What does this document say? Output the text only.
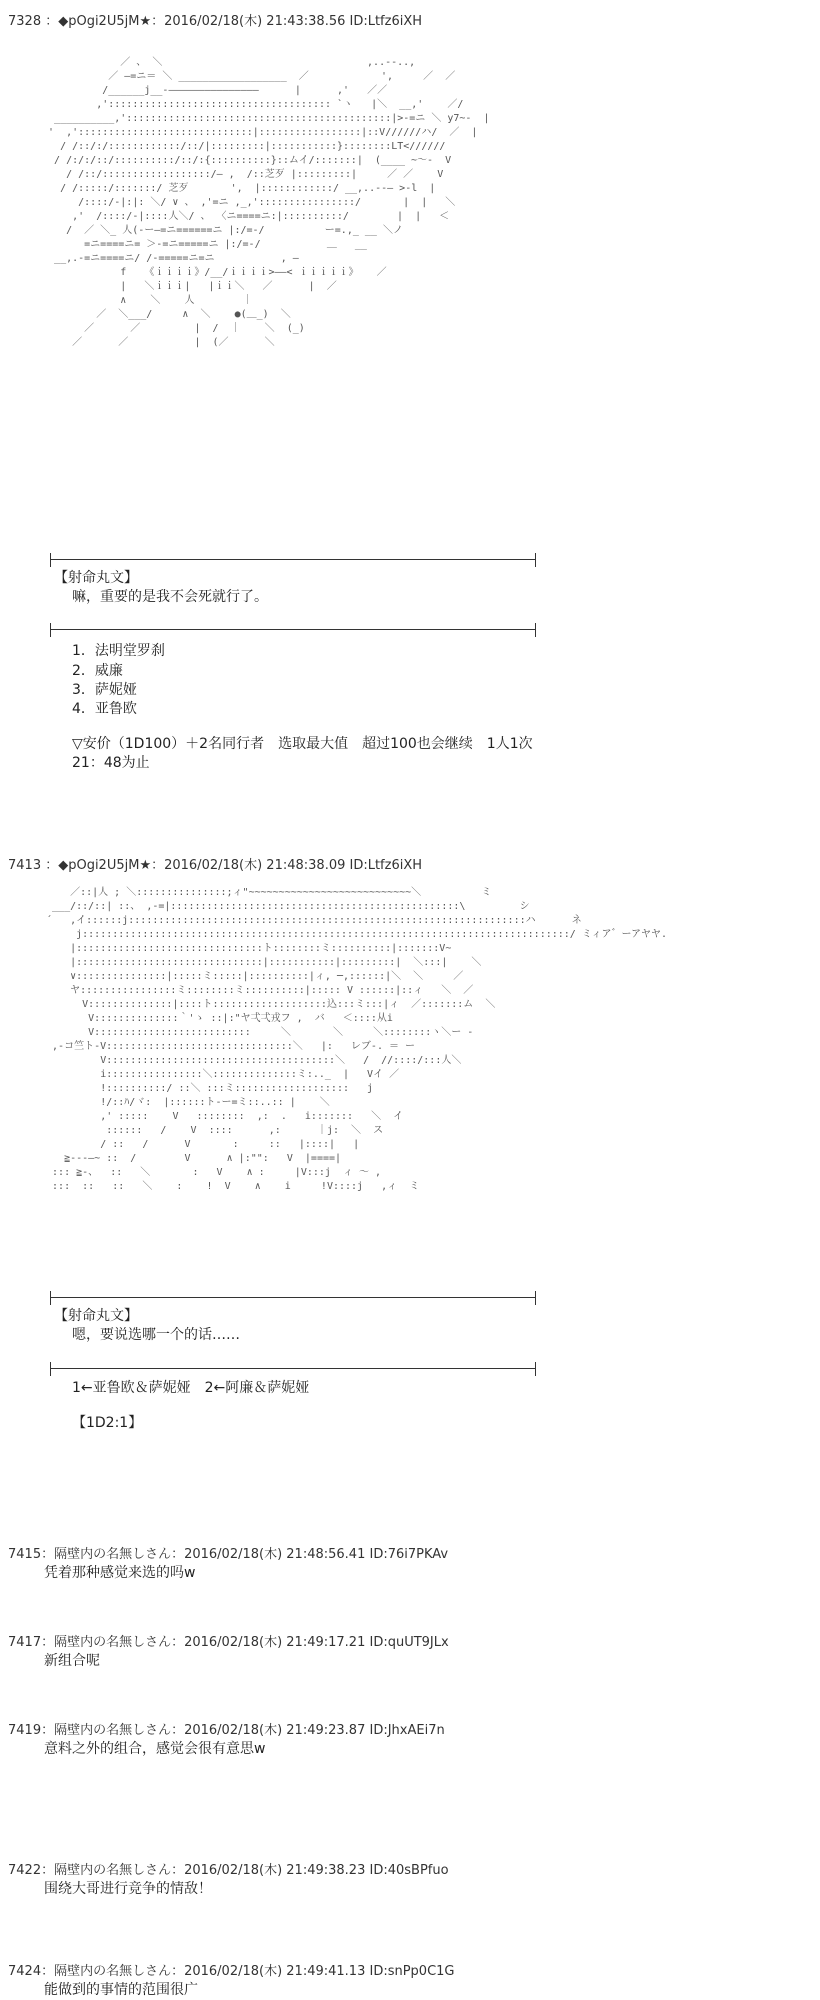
7328 ：◆pOgi2U5jM★：2016/02/18(木) 21:43:38.56 ID:Ltfz6iXH
／ 、 ＼                                  ,..--..,
／ ―=ニ＝ ＼ __________________  ／            ',     ／  ／
/______j__-―――――――――――――――      |      ,'   ／／
,'::::::::::::::::::::::::::::::::::::: `ヽ   |＼  __,'    ／/
__________,'::::::::::::::::::::::::::::::::::::::::::::|>-=ニ ＼ y7~-  |
'  ,':::::::::::::::::::::::::::::|:::::::::::::::::|::V//////ハ/  ／  |
/ /::/:/::::::::::::/::/|:::::::::|:::::::::::}::::::::LT<//////
/ /:/:/::/::::::::::/::/:{::::::::::}::ムイ/:::::::|  (____ ~～-  V
/ /::/::::::::::::::::::/― ,  /::芝歹 |:::::::::|     ／ ／    V
/ /:::::/:::::::/ 芝歹       ',  |::::::::::::/ __,..--― >-l  |
/::::/-|:|: ＼/ ∨ 、 ,'=ニ ,_,'::::::::::::::::/       |  |   ＼
,'  /::::/-|::::人＼/ 、 〈ニ====ニ:|::::::::::/        |  |   ＜
/  ／ ＼_ 人(-ー―=ニ======ニ |:/=-/          ー=.,_ __ ＼ノ
=ニ====ニ= ＞-=ニ=====ニ |:/=-/           ＿   __
__,.-=ニ====ニ/ /-=====ニ=ニ           , ―
f   《ｉｉｉｉ》/__/ｉｉｉｉ>――< ｉｉｉｉｉ》   ／
|   ＼ｉｉｉ|   |ｉｉ＼   ／      |  ／
∧    ＼    人        ｜
／  ＼___/     ∧  ＼    ●(＿_)  ＼
／      ／         |  /  ｜    ＼  (_)
／      ／           |  (／      ＼
【射命丸文】
嘛，重要的是我不会死就行了。
1．法明堂罗刹
2．威廉
3．萨妮娅
4．亚鲁欧
▽安价（1D100）＋2名同行者　选取最大值　超过100也会继续　1人1次
21：48为止
7413 ：◆pOgi2U5jM★：2016/02/18(木) 21:48:38.09 ID:Ltfz6iXH
／::|人 ; ＼:::::::::::::::;ィ"~~~~~~~~~~~~~~~~~~~~~~~~~~~＼          ミ
___/::/::| ::、 ,-=|::::::::::::::::::::::::::::::::::::::::::::::::\         シ
´   ,イ::::::j::::::::::::::::::::::::::::::::::::::::::::::::::::::::::::::::::ハ      ネ
j:::::::::::::::::::::::::::::::::::::::::::::::::::::::::::::::::::::::::::::::::/ ミィア゛ーアヤヤ.
|:::::::::::::::::::::::::::::::ト::::::::ミ::::::::::|:::::::V~
|:::::::::::::::::::::::::::::::|:::::::::::|:::::::::|  ＼:::|    ＼
∨:::::::::::::::|:::::ミ:::::|::::::::::|ィ, ─,::::::|＼  ＼     ／
ヤ::::::::::::::::ミ::::::::ミ::::::::::|::::: V ::::::|::ィ   ＼  ／
V::::::::::::::|::::ト:::::::::::::::::::込:::ミ:::|ィ  ／:::::::ム  ＼
V::::::::::::::｀'ゝ ::|:"ヤ弌弌戎フ ,  バ   ＜::::从i
V::::::::::::::::::::::::::     ＼       ＼     ＼::::::::ヽ＼ー -
,-コ竺ト-V:::::::::::::::::::::::::::::::＼   |:   レブ-. ＝ ー
V::::::::::::::::::::::::::::::::::::::＼   /  //::::/:::人＼
i::::::::::::::::＼::::::::::::::ミ:.._  |   Vイ ／
!::::::::::/ ::＼ :::ミ:::::::::::::::::::   j
!/::ﾊ/ヾ:  |::::::ト-ー=ミ::..:: |    ＼
,' :::::    V   ::::::::  ,:  .   i:::::::   ＼  イ
::::::   /    V  ::::      ,:      ｜j:  ＼  ス
/ ::   /      V       :     ::   |::::|   |
≧---―~ ::  /        V      ∧ |:"":   V  |====|
::: ≧-、  ::   ＼       :   V    ∧ :     |V:::j  ィ ～ ,
:::  ::   ::   ＼    :    !  V    ∧    i     !V::::j   ,ィ  ミ
【射命丸文】
嗯，要说选哪一个的话……
1←亚鲁欧＆萨妮娅　2←阿廉＆萨妮娅
【1D2:1】
7415：隔壁内の名無しさん：2016/02/18(木) 21:48:56.41 ID:76i7PKAv
凭着那种感觉来选的吗w
7417：隔壁内の名無しさん：2016/02/18(木) 21:49:17.21 ID:quUT9JLx
新组合呢
7419：隔壁内の名無しさん：2016/02/18(木) 21:49:23.87 ID:JhxAEi7n
意料之外的组合，感觉会很有意思w
7422：隔壁内の名無しさん：2016/02/18(木) 21:49:38.23 ID:40sBPfuo
围绕大哥进行竞争的情敌！
7424：隔壁内の名無しさん：2016/02/18(木) 21:49:41.13 ID:snPp0C1G
能做到的事情的范围很广
